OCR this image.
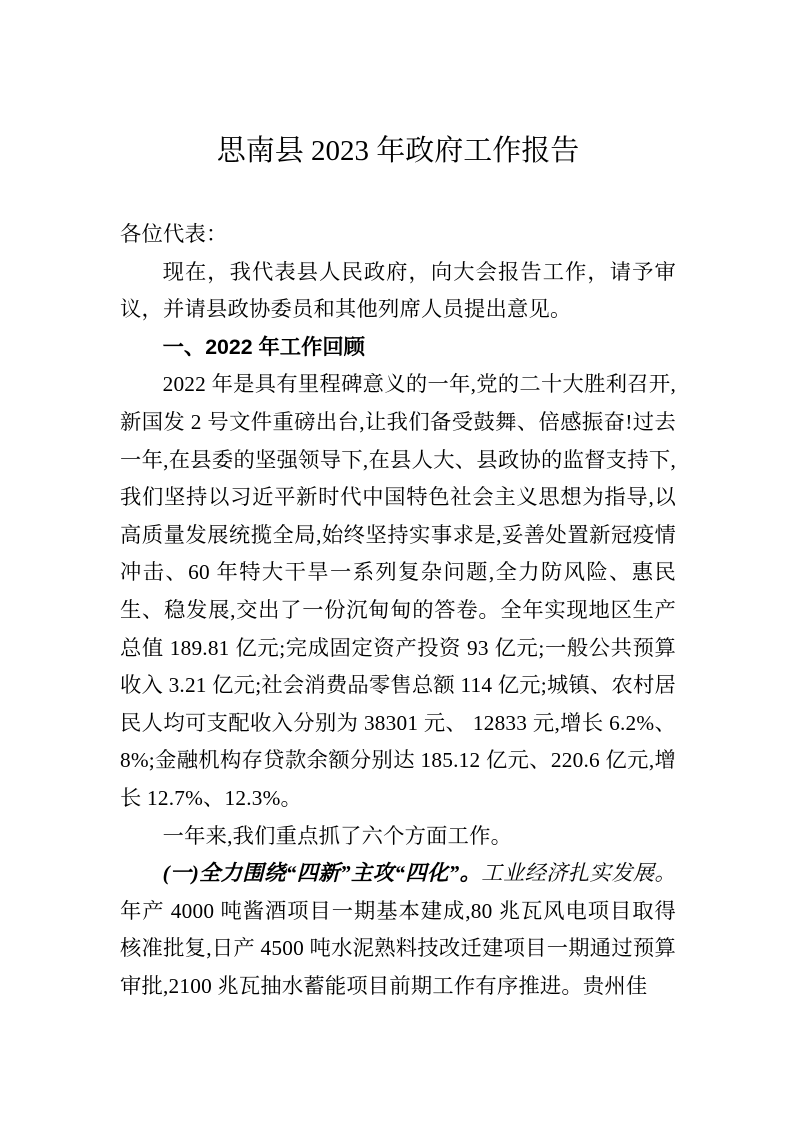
思南县 2023 年政府工作报告

各位代表：

现在，我代表县人民政府，向大会报告工作，请予审议，并请县政协委员和其他列席人员提出意见。

一、2022 年工作回顾

2022 年是具有里程碑意义的一年,党的二十大胜利召开,新国发 2 号文件重磅出台,让我们备受鼓舞、倍感振奋!过去一年,在县委的坚强领导下,在县人大、县政协的监督支持下,我们坚持以习近平新时代中国特色社会主义思想为指导,以高质量发展统揽全局,始终坚持实事求是,妥善处置新冠疫情冲击、60 年特大干旱一系列复杂问题,全力防风险、惠民生、稳发展,交出了一份沉甸甸的答卷。全年实现地区生产总值 189.81 亿元;完成固定资产投资 93 亿元;一般公共预算收入 3.21 亿元;社会消费品零售总额 114 亿元;城镇、农村居民人均可支配收入分别为 38301 元、 12833 元,增长 6.2%、 8%;金融机构存贷款余额分别达 185.12 亿元、220.6 亿元,增长 12.7%、12.3%。

一年来,我们重点抓了六个方面工作。

(一)全力围绕“四新”主攻“四化”。工业经济扎实发展。年产 4000 吨酱酒项目一期基本建成,80 兆瓦风电项目取得核准批复,日产 4500 吨水泥熟料技改迁建项目一期通过预算审批,2100 兆瓦抽水蓄能项目前期工作有序推进。贵州佳
